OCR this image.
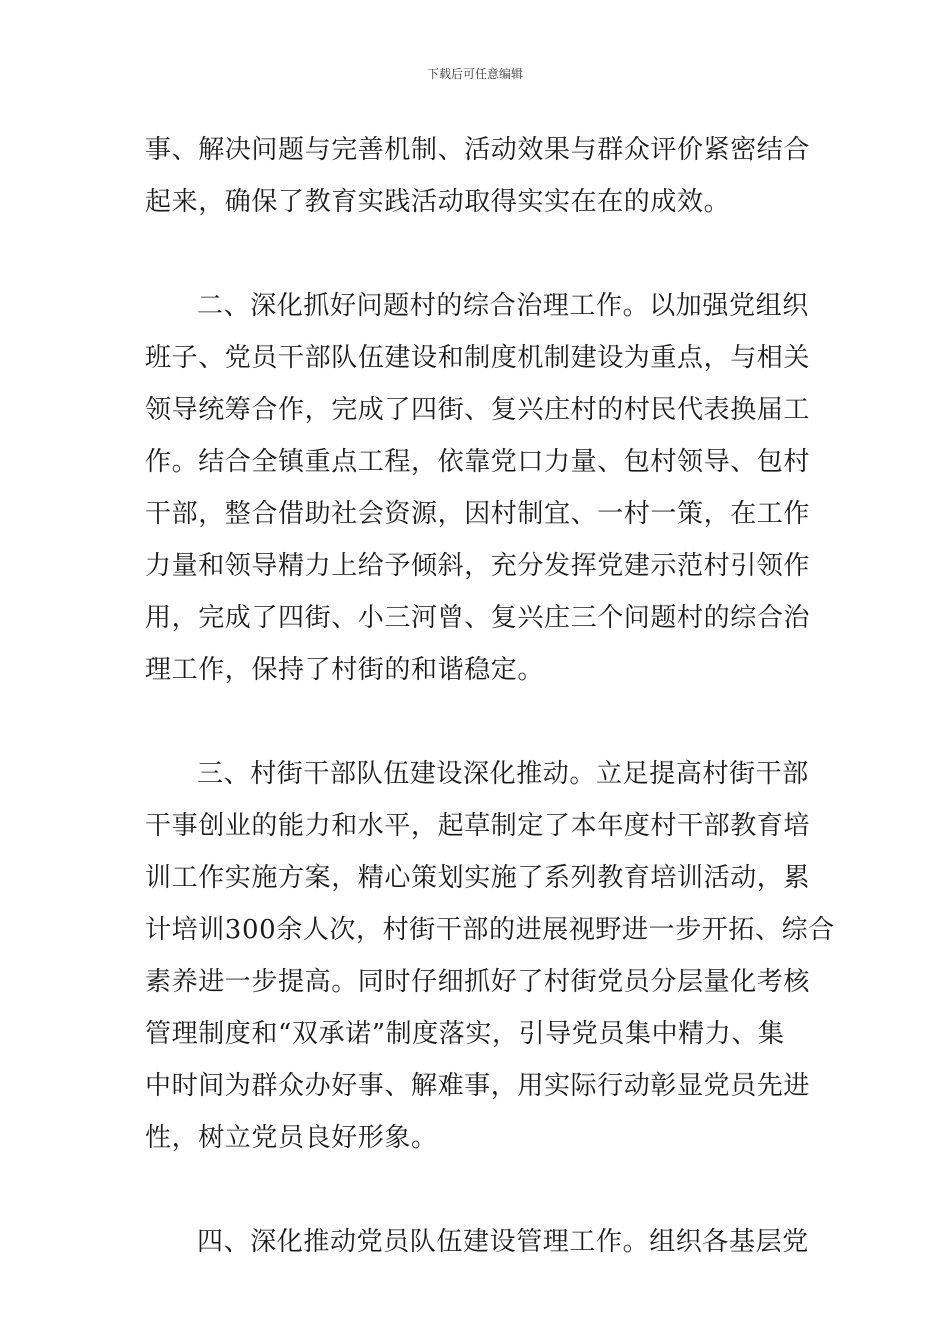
下载后可任意编辑
事、解决问题与完善机制、活动效果与群众评价紧密结合
起来，确保了教育实践活动取得实实在在的成效。
二、深化抓好问题村的综合治理工作。以加强党组织
班子、党员干部队伍建设和制度机制建设为重点，与相关
领导统筹合作，完成了四街、复兴庄村的村民代表换届工
作。结合全镇重点工程，依靠党口力量、包村领导、包村
干部，整合借助社会资源，因村制宜、一村一策，在工作
力量和领导精力上给予倾斜，充分发挥党建示范村引领作
用，完成了四街、小三河曾、复兴庄三个问题村的综合治
理工作，保持了村街的和谐稳定。
三、村街干部队伍建设深化推动。立足提高村街干部
干事创业的能力和水平，起草制定了本年度村干部教育培
训工作实施方案，精心策划实施了系列教育培训活动，累
计培训300余人次，村街干部的进展视野进一步开拓、综合
素养进一步提高。同时仔细抓好了村街党员分层量化考核
管理制度和“双承诺”制度落实，引导党员集中精力、集
中时间为群众办好事、解难事，用实际行动彰显党员先进
性，树立党员良好形象。
四、深化推动党员队伍建设管理工作。组织各基层党
